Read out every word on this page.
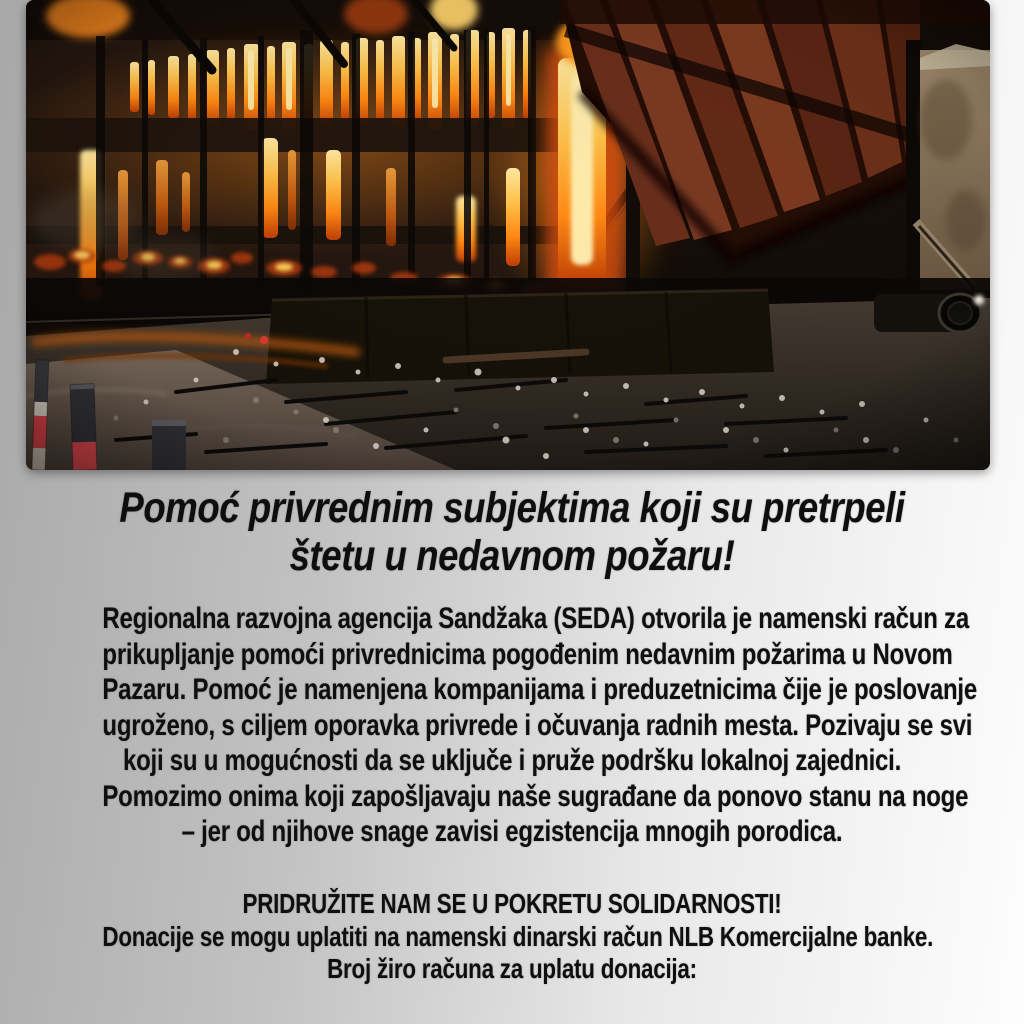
Pomoć privrednim subjektima koji su pretrpeli
štetu u nedavnom požaru!
Regionalna razvojna agencija Sandžaka (SEDA) otvorila je namenski račun za
prikupljanje pomoći privrednicima pogođenim nedavnim požarima u Novom
Pazaru. Pomoć je namenjena kompanijama i preduzetnicima čije je poslovanje
ugroženo, s ciljem oporavka privrede i očuvanja radnih mesta. Pozivaju se svi
koji su u mogućnosti da se uključe i pruže podršku lokalnoj zajednici.
Pomozimo onima koji zapošljavaju naše sugrađane da ponovo stanu na noge
– jer od njihove snage zavisi egzistencija mnogih porodica.
PRIDRUŽITE NAM SE U POKRETU SOLIDARNOSTI!
Donacije se mogu uplatiti na namenski dinarski račun NLB Komercijalne banke.
Broj žiro računa za uplatu donacija:
